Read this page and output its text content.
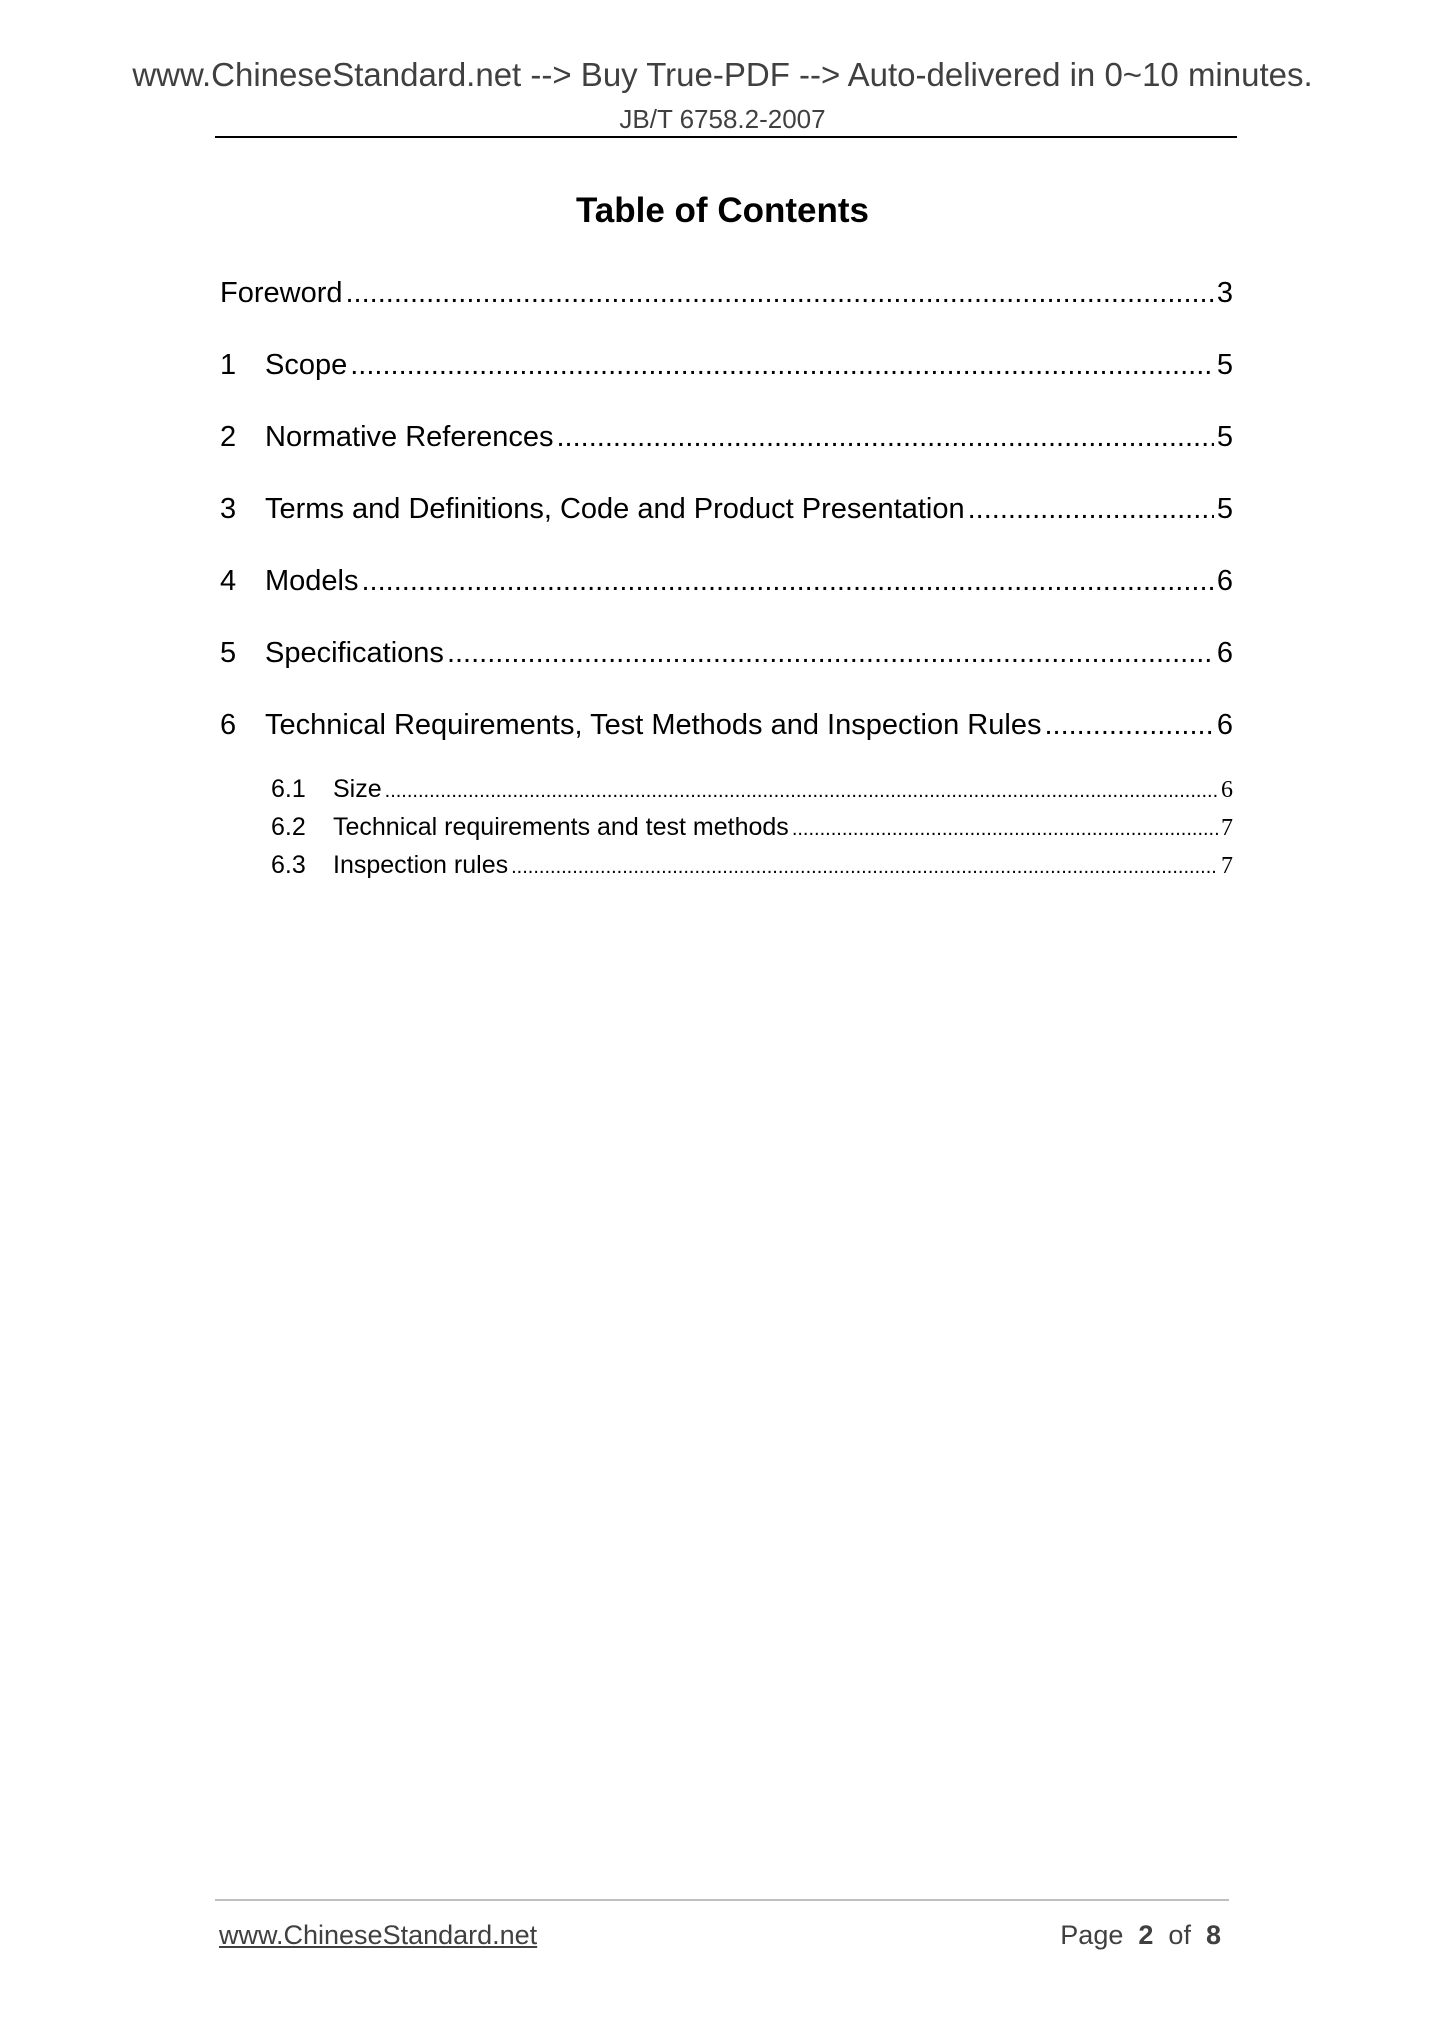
www.ChineseStandard.net --> Buy True-PDF --> Auto-delivered in 0~10 minutes.
JB/T 6758.2-2007
Table of Contents
Foreword .....	3
1 Scope .....	5
2 Normative References .....	5
3 Terms and Definitions, Code and Product Presentation .....	5
4 Models .....	6
5 Specifications .....	6
6 Technical Requirements, Test Methods and Inspection Rules .....	6
6.1	Size .....	6
6.2	Technical requirements and test methods .....	7
6.3	Inspection rules .....	7
www.ChineseStandard.net	Page 2 of 8
